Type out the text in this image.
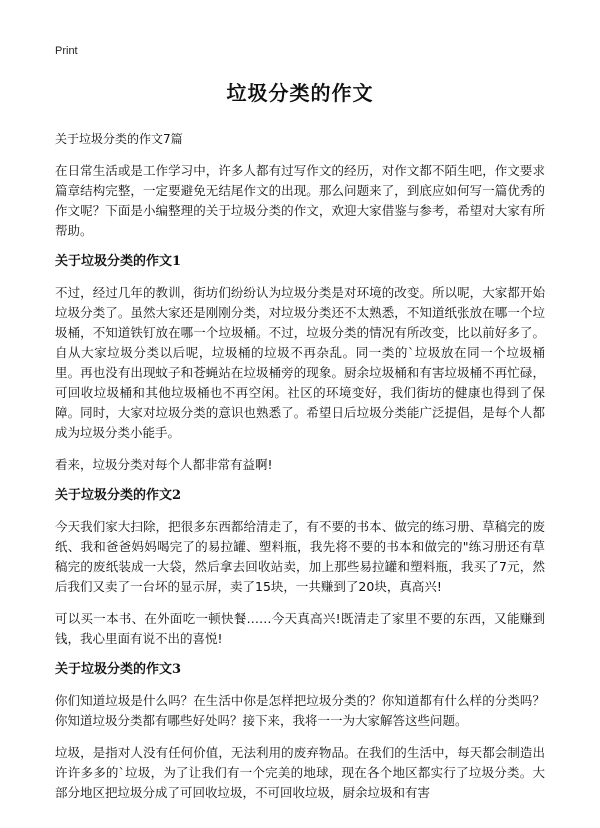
Print
垃圾分类的作文
关于垃圾分类的作文7篇

在日常生活或是工作学习中，许多人都有过写作文的经历，对作文都不陌生吧，作文要求篇章结构完整，一定要避免无结尾作文的出现。那么问题来了，到底应如何写一篇优秀的作文呢？下面是小编整理的关于垃圾分类的作文，欢迎大家借鉴与参考，希望对大家有所帮助。

关于垃圾分类的作文1

不过，经过几年的教训，街坊们纷纷认为垃圾分类是对环境的改变。所以呢，大家都开始垃圾分类了。虽然大家还是刚刚分类，对垃圾分类还不太熟悉，不知道纸张放在哪一个垃圾桶，不知道铁钉放在哪一个垃圾桶。不过，垃圾分类的情况有所改变，比以前好多了。自从大家垃圾分类以后呢，垃圾桶的垃圾不再杂乱。同一类的`垃圾放在同一个垃圾桶里。再也没有出现蚊子和苍蝇站在垃圾桶旁的现象。厨余垃圾桶和有害垃圾桶不再忙碌，可回收垃圾桶和其他垃圾桶也不再空闲。社区的环境变好，我们街坊的健康也得到了保障。同时，大家对垃圾分类的意识也熟悉了。希望日后垃圾分类能广泛提倡，是每个人都成为垃圾分类小能手。

看来，垃圾分类对每个人都非常有益啊!

关于垃圾分类的作文2

今天我们家大扫除，把很多东西都给清走了，有不要的书本、做完的练习册、草稿完的废纸、我和爸爸妈妈喝完了的易拉罐、塑料瓶，我先将不要的书本和做完的"练习册还有草稿完的废纸装成一大袋，然后拿去回收站卖，加上那些易拉罐和塑料瓶，我买了7元，然后我们又卖了一台坏的显示屏，卖了15块，一共赚到了20块，真高兴!

可以买一本书、在外面吃一顿快餐……今天真高兴!既清走了家里不要的东西，又能赚到钱，我心里面有说不出的喜悦!

关于垃圾分类的作文3

你们知道垃圾是什么吗？在生活中你是怎样把垃圾分类的？你知道都有什么样的分类吗？你知道垃圾分类都有哪些好处吗？接下来，我将一一为大家解答这些问题。

垃圾，是指对人没有任何价值，无法利用的废弃物品。在我们的生活中，每天都会制造出许许多多的`垃圾，为了让我们有一个完美的地球，现在各个地区都实行了垃圾分类。大部分地区把垃圾分成了可回收垃圾，不可回收垃圾，厨余垃圾和有害
